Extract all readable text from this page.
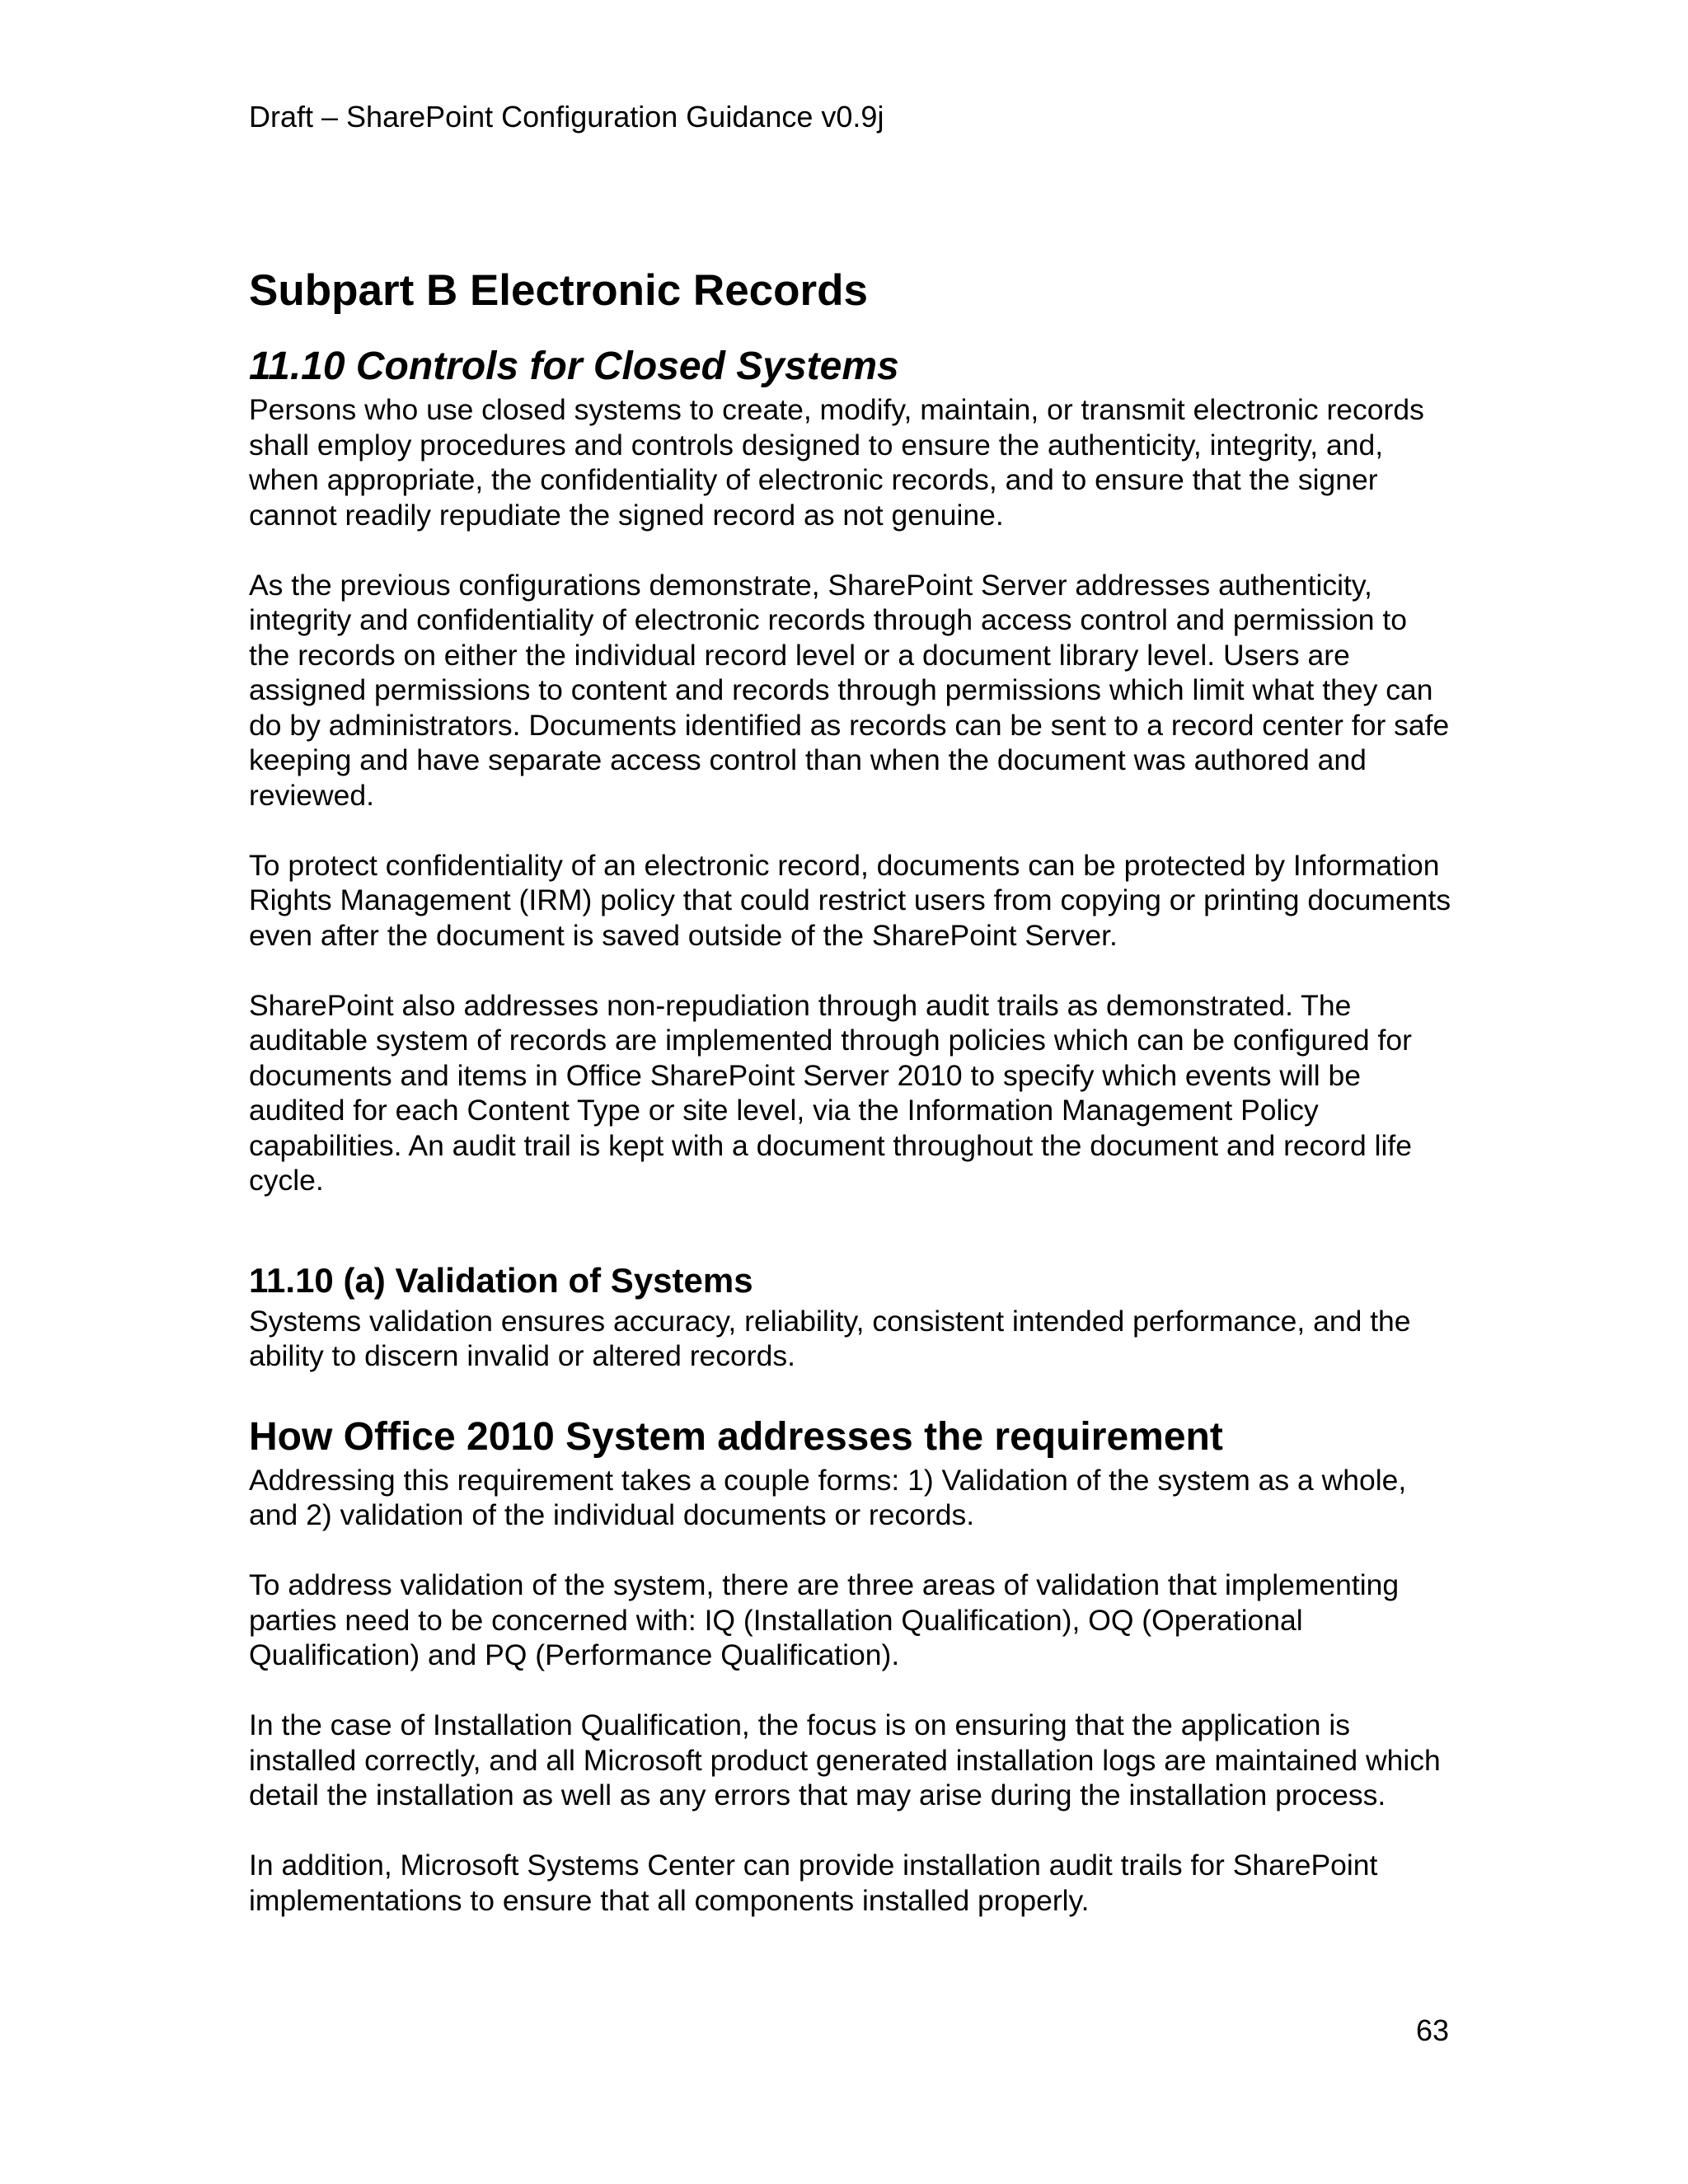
Draft – SharePoint Configuration Guidance v0.9j

Subpart B Electronic Records
11.10 Controls for Closed Systems

Persons who use closed systems to create, modify, maintain, or transmit electronic records shall employ procedures and controls designed to ensure the authenticity, integrity, and, when appropriate, the confidentiality of electronic records, and to ensure that the signer cannot readily repudiate the signed record as not genuine.

As the previous configurations demonstrate, SharePoint Server addresses authenticity, integrity and confidentiality of electronic records through access control and permission to the records on either the individual record level or a document library level. Users are assigned permissions to content and records through permissions which limit what they can do by administrators. Documents identified as records can be sent to a record center for safe keeping and have separate access control than when the document was authored and reviewed.

To protect confidentiality of an electronic record, documents can be protected by Information Rights Management (IRM) policy that could restrict users from copying or printing documents even after the document is saved outside of the SharePoint Server.

SharePoint also addresses non-repudiation through audit trails as demonstrated. The auditable system of records are implemented through policies which can be configured for documents and items in Office SharePoint Server 2010 to specify which events will be audited for each Content Type or site level, via the Information Management Policy capabilities. An audit trail is kept with a document throughout the document and record life cycle.

11.10 (a) Validation of Systems

Systems validation ensures accuracy, reliability, consistent intended performance, and the ability to discern invalid or altered records.

How Office 2010 System addresses the requirement

Addressing this requirement takes a couple forms: 1) Validation of the system as a whole, and 2) validation of the individual documents or records.

To address validation of the system, there are three areas of validation that implementing parties need to be concerned with: IQ (Installation Qualification), OQ (Operational Qualification) and PQ (Performance Qualification).

In the case of Installation Qualification, the focus is on ensuring that the application is installed correctly, and all Microsoft product generated installation logs are maintained which detail the installation as well as any errors that may arise during the installation process.

In addition, Microsoft Systems Center can provide installation audit trails for SharePoint implementations to ensure that all components installed properly.

63
